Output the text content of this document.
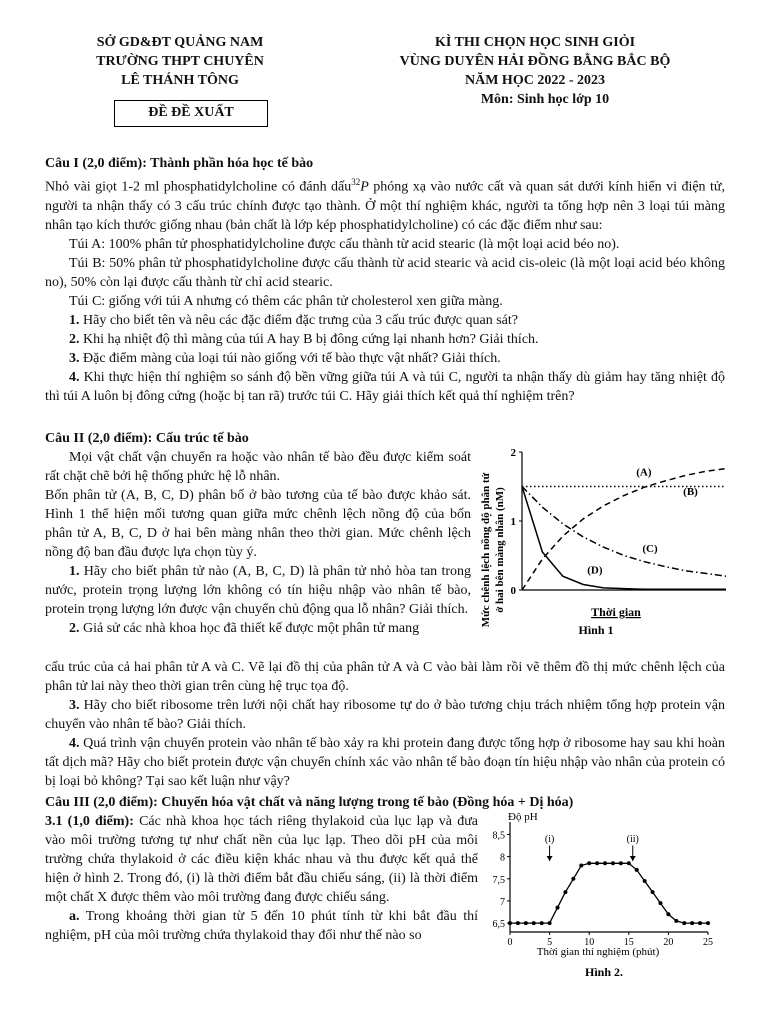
SỞ GD&ĐT QUẢNG NAM
TRƯỜNG THPT CHUYÊN
LÊ THÁNH TÔNG
KÌ THI CHỌN HỌC SINH GIỎI
VÙNG DUYÊN HẢI ĐỒNG BẰNG BẮC BỘ
NĂM HỌC 2022 - 2023
Môn: Sinh học lớp 10
ĐỀ ĐỀ XUẤT

Câu I (2,0 điểm): Thành phần hóa học tế bào

Nhỏ vài giọt 1-2 ml phosphatidylcholine có đánh dấu$^{32}$P phóng xạ vào nước cất và quan sát dưới kính hiển vi điện tử, người ta nhận thấy có 3 cấu trúc chính được tạo thành. Ở một thí nghiệm khác, người ta tổng hợp nên 3 loại túi màng nhân tạo kích thước giống nhau (bản chất là lớp kép phosphatidylcholine) có các đặc điểm như sau:

Túi A: 100% phân tử phosphatidylcholine được cấu thành từ acid stearic (là một loại acid béo no).

Túi B: 50% phân tử phosphatidylcholine được cấu thành từ acid stearic và acid cis-oleic (là một loại acid béo không no), 50% còn lại được cấu thành từ chỉ acid stearic.

Túi C: giống với túi A nhưng có thêm các phân tử cholesterol xen giữa màng.

1. Hãy cho biết tên và nêu các đặc điểm đặc trưng của 3 cấu trúc được quan sát?

2. Khi hạ nhiệt độ thì màng của túi A hay B bị đông cứng lại nhanh hơn? Giải thích.

3. Đặc điểm màng của loại túi nào giống với tế bào thực vật nhất? Giải thích.

4. Khi thực hiện thí nghiệm so sánh độ bền vững giữa túi A và túi C, người ta nhận thấy dù giảm hay tăng nhiệt độ thì túi A luôn bị đông cứng (hoặc bị tan rã) trước túi C. Hãy giải thích kết quả thí nghiệm trên?

Câu II (2,0 điểm): Cấu trúc tế bào

Mọi vật chất vận chuyển ra hoặc vào nhân tế bào đều được kiểm soát rất chặt chẽ bởi hệ thống phức hệ lỗ nhân.

Bốn phân tử (A, B, C, D) phân bố ở bào tương của tế bào được khảo sát. Hình 1 thể hiện mối tương quan giữa mức chênh lệch nồng độ của bốn phân tử A, B, C, D ở hai bên màng nhân theo thời gian. Mức chênh lệch nồng độ ban đầu được lựa chọn tùy ý.

1. Hãy cho biết phân tử nào (A, B, C, D) là phân tử nhỏ hòa tan trong nước, protein trọng lượng lớn không có tín hiệu nhập vào nhân tế bào, protein trọng lượng lớn được vận chuyển chủ động qua lỗ nhân? Giải thích.

2. Giả sử các nhà khoa học đã thiết kế được một phân tử mang

Mức chênh lệch nồng độ phân tử ở hai bên màng nhân (nM) 0
1
2
(A)
(B)
(C)
(D)
Thời gian
Hình 1

cấu trúc của cả hai phân tử A và C. Vẽ lại đồ thị của phân tử A và C vào bài làm rồi vẽ thêm đồ thị mức chênh lệch của phân tử lai này theo thời gian trên cùng hệ trục tọa độ.

3. Hãy cho biết ribosome trên lưới nội chất hay ribosome tự do ở bào tương chịu trách nhiệm tổng hợp protein vận chuyển vào nhân tế bào? Giải thích.

4. Quá trình vận chuyển protein vào nhân tế bào xảy ra khi protein đang được tổng hợp ở ribosome hay sau khi hoàn tất dịch mã? Hãy cho biết protein được vận chuyển chính xác vào nhân tế bào đoạn tín hiệu nhập vào nhân của protein có bị loại bỏ không? Tại sao kết luận như vậy?

Câu III (2,0 điểm): Chuyển hóa vật chất và năng lượng trong tế bào (Đồng hóa + Dị hóa)

3.1 (1,0 điểm): Các nhà khoa học tách riêng thylakoid của lục lạp và đưa vào môi trường tương tự như chất nền của lục lạp. Theo dõi pH của môi trường chứa thylakoid ở các điều kiện khác nhau và thu được kết quả thể hiện ở hình 2. Trong đó, (i) là thời điểm bắt đầu chiếu sáng, (ii) là thời điểm một chất X được thêm vào môi trường đang được chiếu sáng.

a. Trong khoảng thời gian từ 5 đến 10 phút tính từ khi bắt đầu thí nghiệm, pH của môi trường chứa thylakoid thay đổi như thế nào so

Độ pH
6,5
7
7,5
8
8,5
0	5	10	15	20	25
(i)	(ii)
Thời gian thí nghiệm (phút)
Hình 2.
